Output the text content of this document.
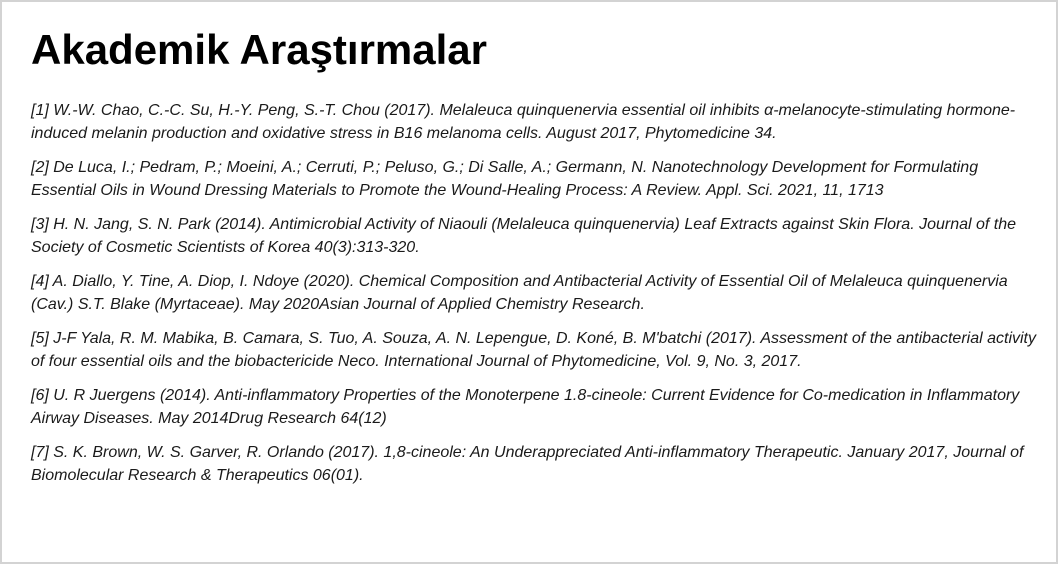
Akademik Araştırmalar
[1] W.-W. Chao, C.-C. Su, H.-Y. Peng, S.-T. Chou (2017). Melaleuca quinquenervia essential oil inhibits α-melanocyte-stimulating hormone-induced melanin production and oxidative stress in B16 melanoma cells. August 2017, Phytomedicine 34.
[2] De Luca, I.; Pedram, P.; Moeini, A.; Cerruti, P.; Peluso, G.; Di Salle, A.; Germann, N. Nanotechnology Development for Formulating Essential Oils in Wound Dressing Materials to Promote the Wound-Healing Process: A Review. Appl. Sci. 2021, 11, 1713
[3] H. N. Jang, S. N. Park (2014). Antimicrobial Activity of Niaouli (Melaleuca quinquenervia) Leaf Extracts against Skin Flora. Journal of the Society of Cosmetic Scientists of Korea 40(3):313-320.
[4] A. Diallo, Y. Tine, A. Diop, I. Ndoye (2020). Chemical Composition and Antibacterial Activity of Essential Oil of Melaleuca quinquenervia (Cav.) S.T. Blake (Myrtaceae). May 2020Asian Journal of Applied Chemistry Research.
[5] J-F Yala, R. M. Mabika, B. Camara, S. Tuo, A. Souza, A. N. Lepengue, D. Koné, B. M'batchi (2017). Assessment of the antibacterial activity of four essential oils and the biobactericide Neco. International Journal of Phytomedicine, Vol. 9, No. 3, 2017.
[6] U. R Juergens (2014). Anti-inflammatory Properties of the Monoterpene 1.8-cineole: Current Evidence for Co-medication in Inflammatory Airway Diseases. May 2014Drug Research 64(12)
[7] S. K. Brown, W. S. Garver, R. Orlando (2017). 1,8-cineole: An Underappreciated Anti-inflammatory Therapeutic. January 2017, Journal of Biomolecular Research & Therapeutics 06(01).
